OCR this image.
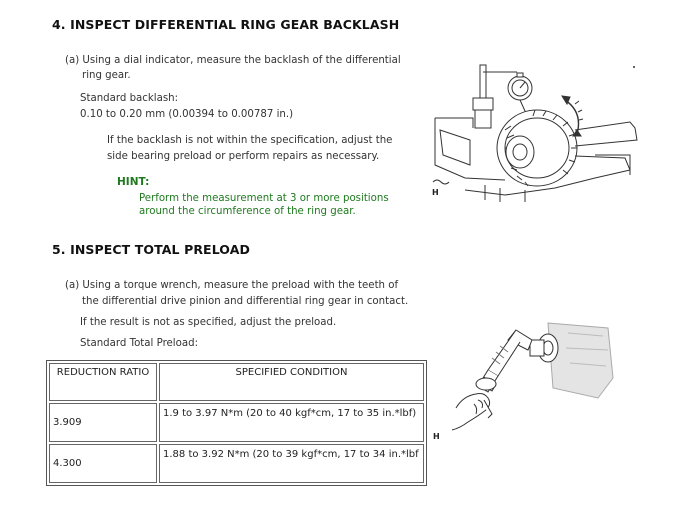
4. INSPECT DIFFERENTIAL RING GEAR BACKLASH
(a) Using a dial indicator, measure the backlash of the differential
ring gear.
Standard backlash:
0.10 to 0.20 mm (0.00394 to 0.00787 in.)
If the backlash is not within the specification, adjust the
side bearing preload or perform repairs as necessary.
HINT:
Perform the measurement at 3 or more positions
around the circumference of the ring gear.
H
5. INSPECT TOTAL PRELOAD
(a) Using a torque wrench, measure the preload with the teeth of
the differential drive pinion and differential ring gear in contact.
If the result is not as specified, adjust the preload.
Standard Total Preload:
REDUCTION RATIO	SPECIFIED CONDITION
3.909	1.9 to 3.97 N*m (20 to 40 kgf*cm, 17 to 35 in.*lbf)
4.300	1.88 to 3.92 N*m (20 to 39 kgf*cm, 17 to 34 in.*lbf
H
